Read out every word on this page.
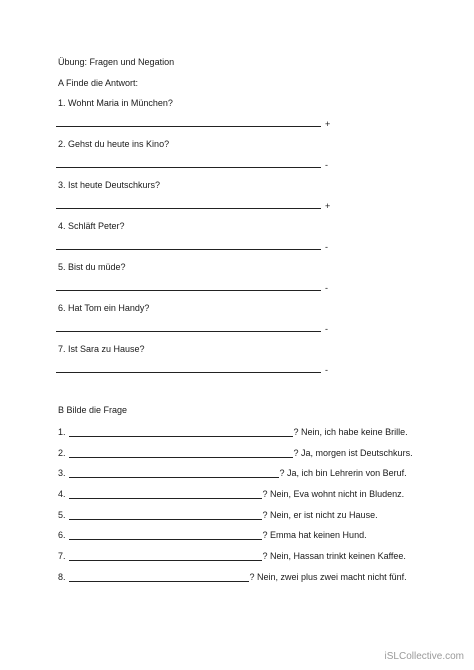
Übung: Fragen und Negation
A Finde die Antwort:
1. Wohnt Maria in München?
+
2. Gehst du heute ins Kino?
-
3. Ist heute Deutschkurs?
+
4. Schläft Peter?
-
5. Bist du müde?
-
6. Hat Tom ein Handy?
-
7. Ist Sara zu Hause?
-
B Bilde die Frage
1.	? Nein, ich habe keine Brille.
2.	? Ja, morgen ist Deutschkurs.
3.	? Ja, ich bin Lehrerin von Beruf.
4.	? Nein, Eva wohnt nicht in Bludenz.
5.	? Nein, er ist nicht zu Hause.
6.	? Emma hat keinen Hund.
7.	? Nein, Hassan trinkt keinen Kaffee.
8.	? Nein, zwei plus zwei macht nicht fünf.
iSLCollective.com
